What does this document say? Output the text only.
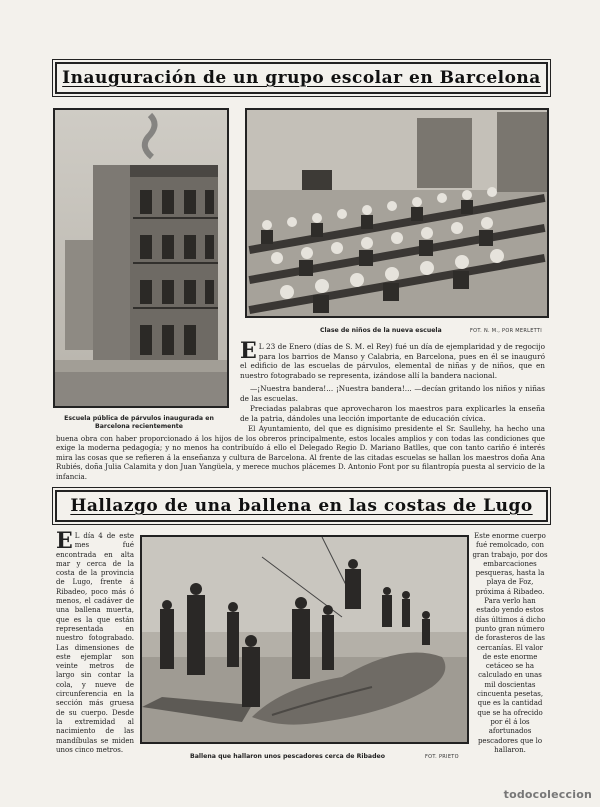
Inauguración de un grupo escolar en Barcelona
Escuela pública de párvulos inaugurada en Barcelona recientemente
Clase de niños de la nueva escuela	FOT. N. M., POR MERLETTI
E L 23 de Enero (días de S. M. el Rey) fué un día de ejemplaridad y de regocijo para los barrios de Manso y Calabria, en Barcelona, pues en él se inauguró el edificio de las escuelas de párvulos, elemental de niñas y de niños, que en nuestro fotograbado se representa, izándose allí la bandera nacional.

—¡Nuestra bandera!... ¡Nuestra bandera!... —decían gritando los niños y niñas de las escuelas.

Preciadas palabras que aprovecharon los maestros para explicarles la enseña de la patria, dándoles una lección importante de educación cívica.

El Ayuntamiento, del que es dignísimo presidente el Sr. Saullehy, ha hecho una buena obra con haber proporcionado á los hijos de los obreros principalmente, estos locales amplios y con todas las condiciones que exige la moderna pedagogía; y no menos ha contribuído á ello el Delegado Regio D. Mariano Batlles, que con tanto cariño é interés mira las cosas que se refieren á la enseñanza y cultura de Barcelona. Al frente de las citadas escuelas se hallan los maestros doña Ana Rubiés, doña Julia Calamita y don Juan Yangüela, y merece muchos plácemes D. Antonio Font por su filantropía puesta al servicio de la infancia.

Hallazgo de una ballena en las costas de Lugo
E L día 4 de este mes fué encontrada en alta mar y cerca de la costa de la provincia de Lugo, frente á Ribadeo, poco más ó menos, el cadáver de una ballena muerta, que es la que están representada en nuestro fotograbado. Las dimensiones de este ejemplar son veinte metros de largo sin contar la cola, y nueve de circunferencia en la sección más gruesa de su cuerpo. Desde la extremidad al nacimiento de las mandíbulas se miden unos cinco metros.
Ballena que hallaron unos pescadores cerca de Ribadeo	FOT. PRIETO

Este enorme cuerpo fué remolcado, con gran trabajo, por dos embarcaciones pesqueras, hasta la playa de Foz, próxima á Ribadeo. Para verlo han estado yendo estos días últimos á dicho punto gran número de forasteros de las cercanías. El valor de este enorme cetáceo se ha calculado en unas mil doscientas cincuenta pesetas, que es la cantidad que se ha ofrecido por él á los afortunados pescadores que lo hallaron.

todocoleccion
